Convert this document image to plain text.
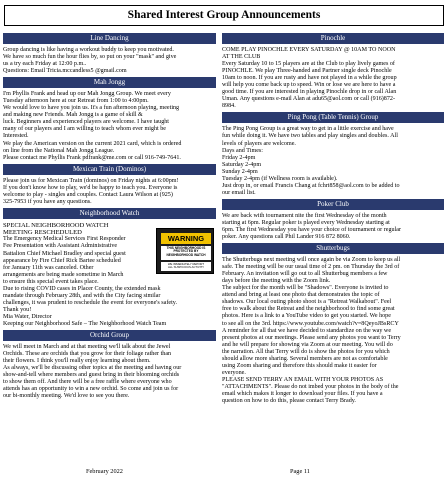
Shared Interest Group Announcements
Line Dancing
Group dancing is like having a workout buddy to keep you motivated.
We have so much fun the hour flies by, so put on your "mask" and give
us a try each Friday at 12:00 p.m..
Questions: Email Tricia.mccandless5 @gmail.com
Mah Jongg
I'm Phyllis Frank and head up our Mah Jongg Group. We meet every
Tuesday afternoon here at our Retreat from 1:00 to 4:00pm.
We would love to have you join us. It's a fun afternoon playing, meeting
and making new Friends. Mah Jongg is a game of skill &
luck. Beginners and experienced players are welcome. I have taught
many of our players and I am willing to teach whom ever might be
Interested.
We play the American version on the current 2021 card, which is ordered
on line from the National Mah Jongg League.
Please contact me Phyllis Frank pdfrank@me.com or call 916-749-7641.
Mexican Train (Dominos)
Please join us for Mexican Train (dominos) on Friday nights at 6:00pm!
If you don't know how to play, we'd be happy to teach you. Everyone is
welcome to play - singles and couples. Contact Laura Wilson at (925)
325-7953 if you have any questions.
Neighborhood Watch
WARNING
THIS NEIGHBORHOOD IS
PROTECTED BY
NEIGHBORHOOD WATCH
WE IMMEDIATELY REPORT
ALL SUSPICIOUS ACTIVITY
SPECIAL NEIGHBORHOOD WATCH
MEETING RESCHEDULED
The Emergency Medical Services First Responder
Fee Presentation with Assistant Administrative
Battalion Chief Michael Bradley and special guest
appearance by Fire Chief Rick Bartee scheduled
for January 11th was canceled. Other
arrangements are being made sometime in March
to ensure this special event takes place.
Due to rising COVID cases in Placer County, the extended mask
mandate through February 28th, and with the City facing similar
challenges, it was prudent to reschedule the event for everyone's safety.
Thank you!
Mia Water, Director
Keeping our Neighborhood Safe – The Neighborhood Watch Team
Orchid Group
We will meet in March and at that meeting we'll talk about the Jewel
Orchids. These are orchids that you grow for their foliage rather than
their flowers. I think you'll really enjoy learning about them.
As always, we'll be discussing other topics at the meeting and having our
show-and-tell where members and guest bring in their blooming orchids
to show them off. And there will be a free raffle where everyone who
attends has an opportunity to win a new orchid. So come and join us for
our bi-monthly meeting. We'd love to see you there.
Pinochle
COME PLAY PINOCHLE EVERY SATURDAY @ 10AM TO NOON
AT THE CLUB
Every Saturday 10 to 15 players are at the Club to play lively games of
PINOCHLE. We play Three-handed and Partner single deck Pinochle
10am to noon. If you are rusty and have not played in a while the group
will help you come back up to speed. Win or lose we are here to have a
good time. If you are interested in playing Pinochle drop in or call Alan
Uman. Any questions e-mail Alan at adu65@aol.com or call (916)872-
8984.
Ping Pong (Table Tennis) Group
The Ping Pong Group is a great way to get in a little exercise and have
fun while doing it. We have two tables and play singles and doubles. All
levels of players are welcome.
Days and Times:
Friday 2-4pm
Saturday 2-4pm
Sunday 2-4pm
Tuesday 2-4pm (if Wellness room is available).
Just drop in, or email Francis Chang at fchrt858@aol.com to be added to
our email list.
Poker Club
We are back with tournament nite the first Wednesday of the month
starting at 6pm. Regular poker is played every Wednesday starting at
6pm. The first Wednesday you have your choice of tournament or regular
poker. Any questions call Phil Lander 916 872 8060.
Shutterbugs
The Shutterbugs next meeting will once again be via Zoom to keep us all
safe. The meeting will be our usual time of 2 pm. on Thursday the 3rd of
February. An invitation will go out to all Shutterbug members a few
days before the meeting with the Zoom link.
The subject for the month will be "Shadows". Everyone is invited to
attend and bring at least one photo that demonstrates the topic of
shadows. Our local outing photo shoot is a "Retreat Walkabout". Feel
free to walk about the Retreat and the neighborhood to find some great
photos. Here is a link to a YouTube video to get you started. We hope
to see all on the 3rd. https://www.youtube.com/watch?v=8QeyoJBsRCY
A reminder for all that we have decided to standardize on the way we
present photos at our meetings. Please send any photos you want to Terry
and he will prepare for showing via Zoom at our meeting. You will do
the narration. All that Terry will do is show the photos for you which
should allow more sharing. Several members are not as comfortable
using Zoom sharing and therefore this should make it easier for
everyone.
PLEASE SEND TERRY AN EMAIL WITH YOUR PHOTOS AS
"ATTACHMENTS". Please do not imbed your photos in the body of the
email which makes it longer to download your files. If you have a
question on how to do this, please contact Terry Brady.
February 2022	Page 11
